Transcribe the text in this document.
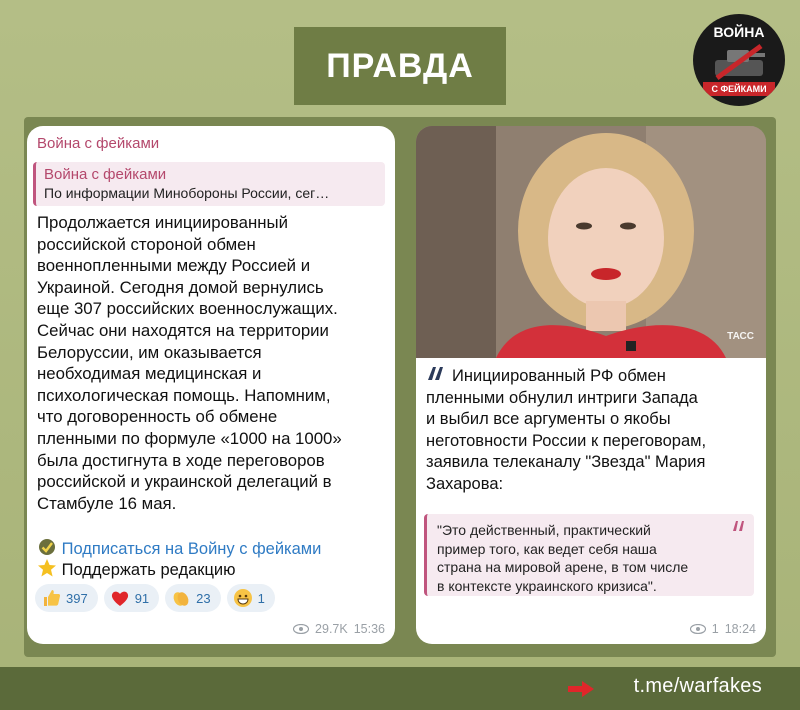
ПРАВДА
ВОЙНА
С ФЕЙКАМИ
Война с фейками
Война с фейками
По информации Минобороны России, сег…

Продолжается инициированный

российской стороной обмен

военнопленными между Россией и

Украиной. Сегодня домой вернулись

еще 307 российских военнослужащих.

Сейчас они находятся на территории

Белоруссии, им оказывается

необходимая медицинская и

психологическая помощь. Напомним,

что договоренность об обмене

пленными по формуле «1000 на 1000»

была достигнута в ходе переговоров

российской и украинской делегаций в

Стамбуле 16 мая.

Подписаться на Войну с фейками
Поддержать редакцию
397	91	23	1
29.7K 15:36
ТАСС
Инициированный РФ обмен
пленными обнулил интриги Запада
и выбил все аргументы о якобы
неготовности России к переговорам,
заявила телеканалу "Звезда" Мария
Захарова:
"Это действенный, практический
пример того, как ведет себя наша
страна на мировой арене, в том числе
в контексте украинского кризиса".
1 18:24
t.me/warfakes
